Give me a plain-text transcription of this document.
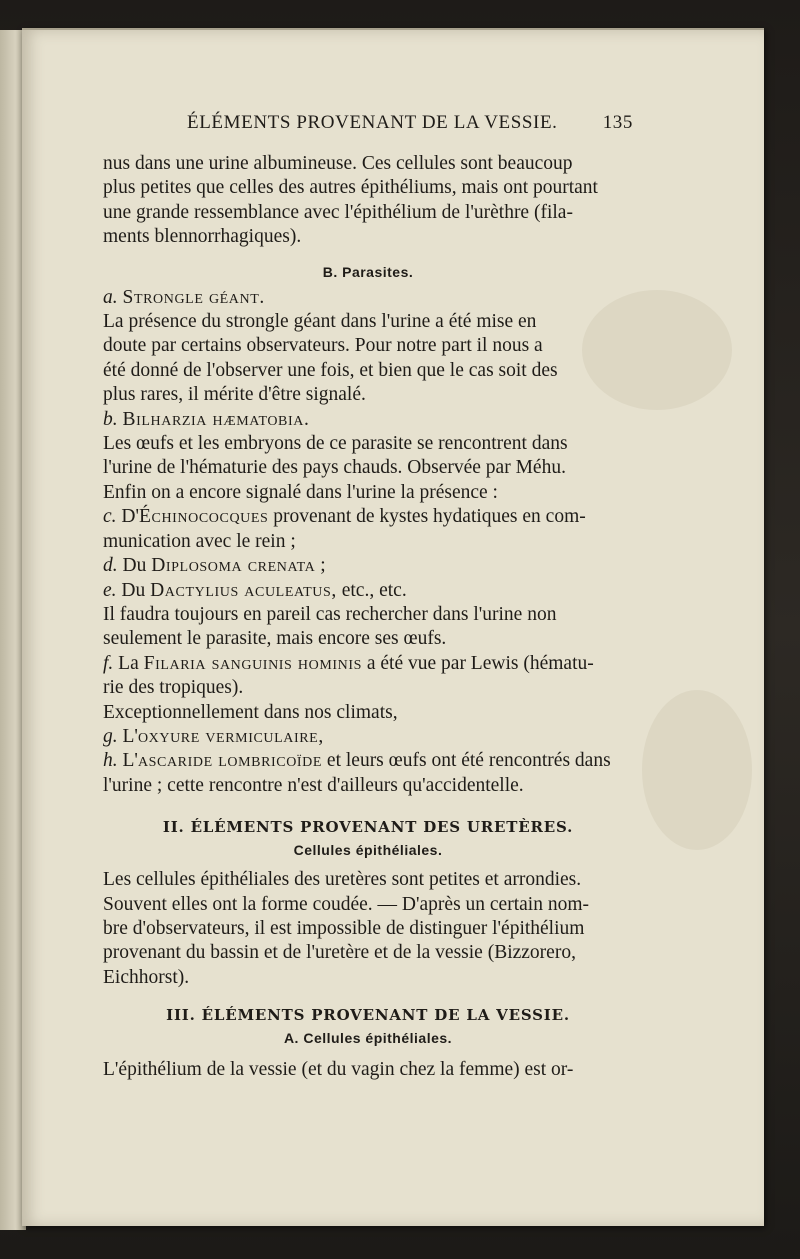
ÉLÉMENTS PROVENANT DE LA VESSIE. 135

nus dans une urine albumineuse. Ces cellules sont beaucoup

plus petites que celles des autres épithéliums, mais ont pourtant

une grande ressemblance avec l'épithélium de l'urèthre (fila-

ments blennorrhagiques).

B. Parasites.

a. Strongle géant.

La présence du strongle géant dans l'urine a été mise en

doute par certains observateurs. Pour notre part il nous a

été donné de l'observer une fois, et bien que le cas soit des

plus rares, il mérite d'être signalé.

b. Bilharzia hæmatobia.

Les œufs et les embryons de ce parasite se rencontrent dans

l'urine de l'hématurie des pays chauds. Observée par Méhu.

Enfin on a encore signalé dans l'urine la présence :

c. D'Échinococques provenant de kystes hydatiques en com-

munication avec le rein ;

d. Du Diplosoma crenata ;

e. Du Dactylius aculeatus, etc., etc.

Il faudra toujours en pareil cas rechercher dans l'urine non

seulement le parasite, mais encore ses œufs.

f. La Filaria sanguinis hominis a été vue par Lewis (hématu-

rie des tropiques).

Exceptionnellement dans nos climats,

g. L'oxyure vermiculaire,

h. L'ascaride lombricoïde et leurs œufs ont été rencontrés dans

l'urine ; cette rencontre n'est d'ailleurs qu'accidentelle.

II. ÉLÉMENTS PROVENANT DES URETÈRES.
Cellules épithéliales.

Les cellules épithéliales des uretères sont petites et arrondies.

Souvent elles ont la forme coudée. — D'après un certain nom-

bre d'observateurs, il est impossible de distinguer l'épithélium

provenant du bassin et de l'uretère et de la vessie (Bizzorero,

Eichhorst).

III. ÉLÉMENTS PROVENANT DE LA VESSIE.
A. Cellules épithéliales.

L'épithélium de la vessie (et du vagin chez la femme) est or-
